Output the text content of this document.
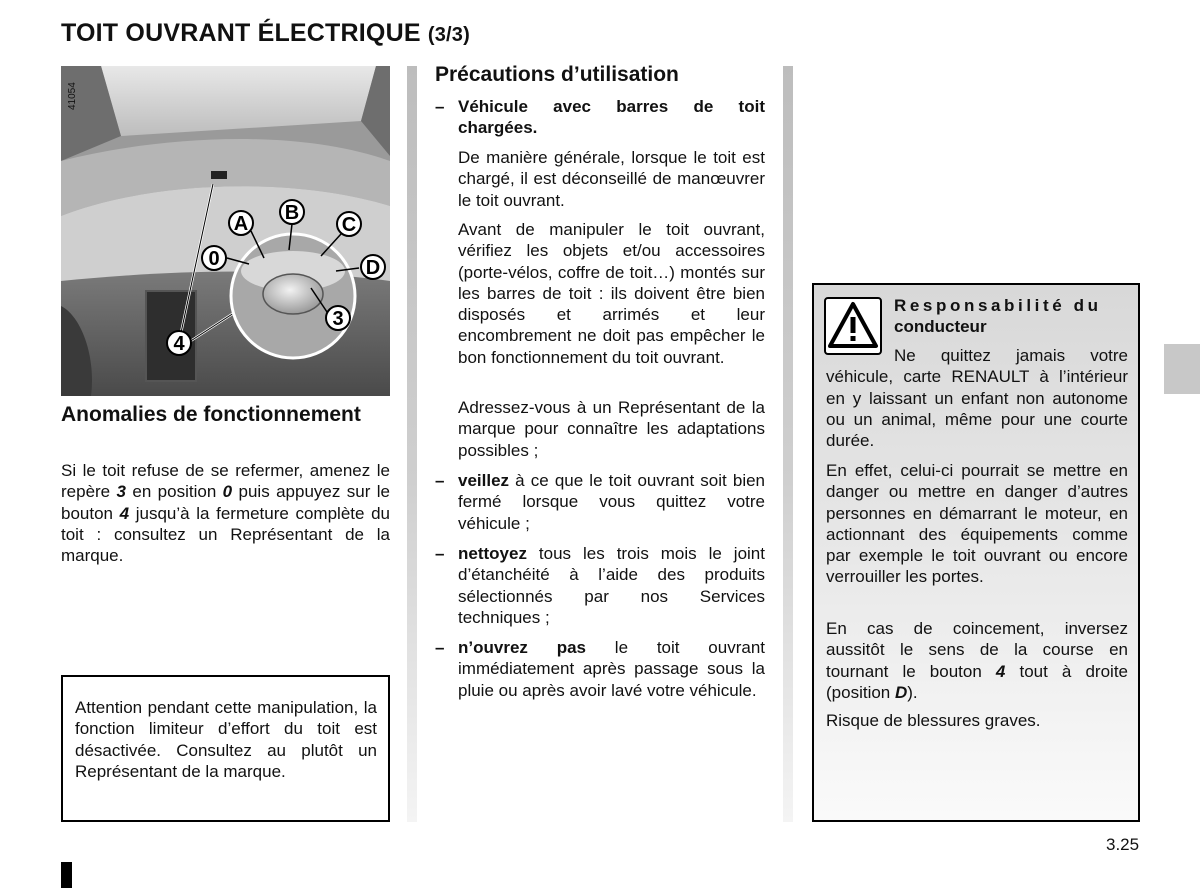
TOIT OUVRANT ÉLECTRIQUE (3/3)
A B
C
0	D
3
4
41054
Anomalies de fonctionnement
Si le toit refuse de se refermer, amenez le repère 3 en position 0 puis appuyez sur le bouton 4 jusqu’à la fermeture complète du toit : consultez un Représentant de la marque.
Attention pendant cette manipulation, la fonction limiteur d’effort du toit est désactivée. Consultez au plutôt un Représentant de la marque.
Précautions d’utilisation
– Véhicule avec barres de toit chargées.
De manière générale, lorsque le toit est chargé, il est déconseillé de manœuvrer le toit ouvrant.
Avant de manipuler le toit ouvrant, vérifiez les objets et/ou accessoires (porte-vélos, coffre de toit…) montés sur les barres de toit : ils doivent être bien disposés et arrimés et leur encombrement ne doit pas empêcher le bon fonctionnement du toit ouvrant.
Adressez-vous à un Représentant de la marque pour connaître les adaptations possibles ;
– veillez à ce que le toit ouvrant soit bien fermé lorsque vous quittez votre véhicule ;
– nettoyez tous les trois mois le joint d’étanchéité à l’aide des produits sélectionnés par nos Services techniques ;
– n’ouvrez pas le toit ouvrant immédiatement après passage sous la pluie ou après avoir lavé votre véhicule.
Responsabilité du
conducteur
Ne quittez jamais votre véhicule, carte RENAULT à l’intérieur en y laissant un enfant non autonome ou un animal, même pour une courte durée.
En effet, celui-ci pourrait se mettre en danger ou mettre en danger d’autres personnes en démarrant le moteur, en actionnant des équipements comme par exemple le toit ouvrant ou encore verrouiller les portes.
En cas de coincement, inversez aussitôt le sens de la course en tournant le bouton 4 tout à droite (position D).
Risque de blessures graves.
3.25
